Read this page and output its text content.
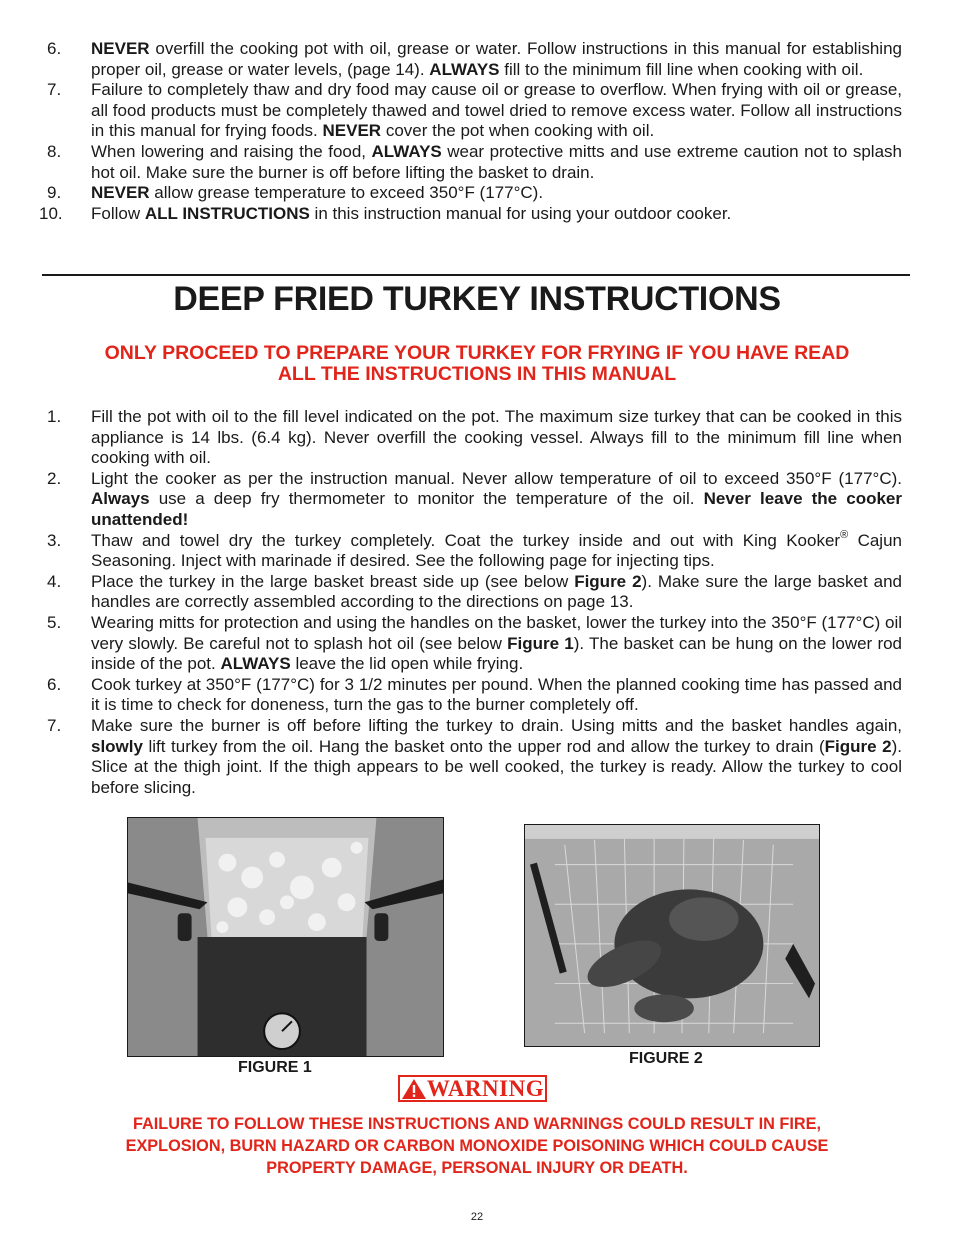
6. NEVER overfill the cooking pot with oil, grease or water. Follow instructions in this manual for establishing proper oil, grease or water levels, (page 14). ALWAYS fill to the minimum fill line when cooking with oil.
7. Failure to completely thaw and dry food may cause oil or grease to overflow. When frying with oil or grease, all food products must be completely thawed and towel dried to remove excess water. Follow all instructions in this manual for frying foods. NEVER cover the pot when cooking with oil.
8. When lowering and raising the food, ALWAYS wear protective mitts and use extreme caution not to splash hot oil. Make sure the burner is off before lifting the basket to drain.
9. NEVER allow grease temperature to exceed 350°F (177°C).
10. Follow ALL INSTRUCTIONS in this instruction manual for using your outdoor cooker.
DEEP FRIED TURKEY INSTRUCTIONS
ONLY PROCEED TO PREPARE YOUR TURKEY FOR FRYING IF YOU HAVE READ
ALL THE INSTRUCTIONS IN THIS MANUAL
1. Fill the pot with oil to the fill level indicated on the pot. The maximum size turkey that can be cooked in this appliance is 14 lbs. (6.4 kg). Never overfill the cooking vessel. Always fill to the minimum fill line when cooking with oil.
2. Light the cooker as per the instruction manual. Never allow temperature of oil to exceed 350°F (177°C). Always use a deep fry thermometer to monitor the temperature of the oil. Never leave the cooker unattended!
3. Thaw and towel dry the turkey completely. Coat the turkey inside and out with King Kooker® Cajun Seasoning. Inject with marinade if desired. See the following page for injecting tips.
4. Place the turkey in the large basket breast side up (see below Figure 2). Make sure the large basket and handles are correctly assembled according to the directions on page 13.
5. Wearing mitts for protection and using the handles on the basket, lower the turkey into the 350°F (177°C) oil very slowly. Be careful not to splash hot oil (see below Figure 1). The basket can be hung on the lower rod inside of the pot. ALWAYS leave the lid open while frying.
6. Cook turkey at 350°F (177°C) for 3 1/2 minutes per pound. When the planned cooking time has passed and it is time to check for doneness, turn the gas to the burner completely off.
7. Make sure the burner is off before lifting the turkey to drain. Using mitts and the basket handles again, slowly lift turkey from the oil. Hang the basket onto the upper rod and allow the turkey to drain (Figure 2). Slice at the thigh joint. If the thigh appears to be well cooked, the turkey is ready. Allow the turkey to cool before slicing.
FIGURE 1
FIGURE 2
WARNING
FAILURE TO FOLLOW THESE INSTRUCTIONS AND WARNINGS COULD RESULT IN FIRE,
EXPLOSION, BURN HAZARD OR CARBON MONOXIDE POISONING WHICH COULD CAUSE
PROPERTY DAMAGE, PERSONAL INJURY OR DEATH.
22
